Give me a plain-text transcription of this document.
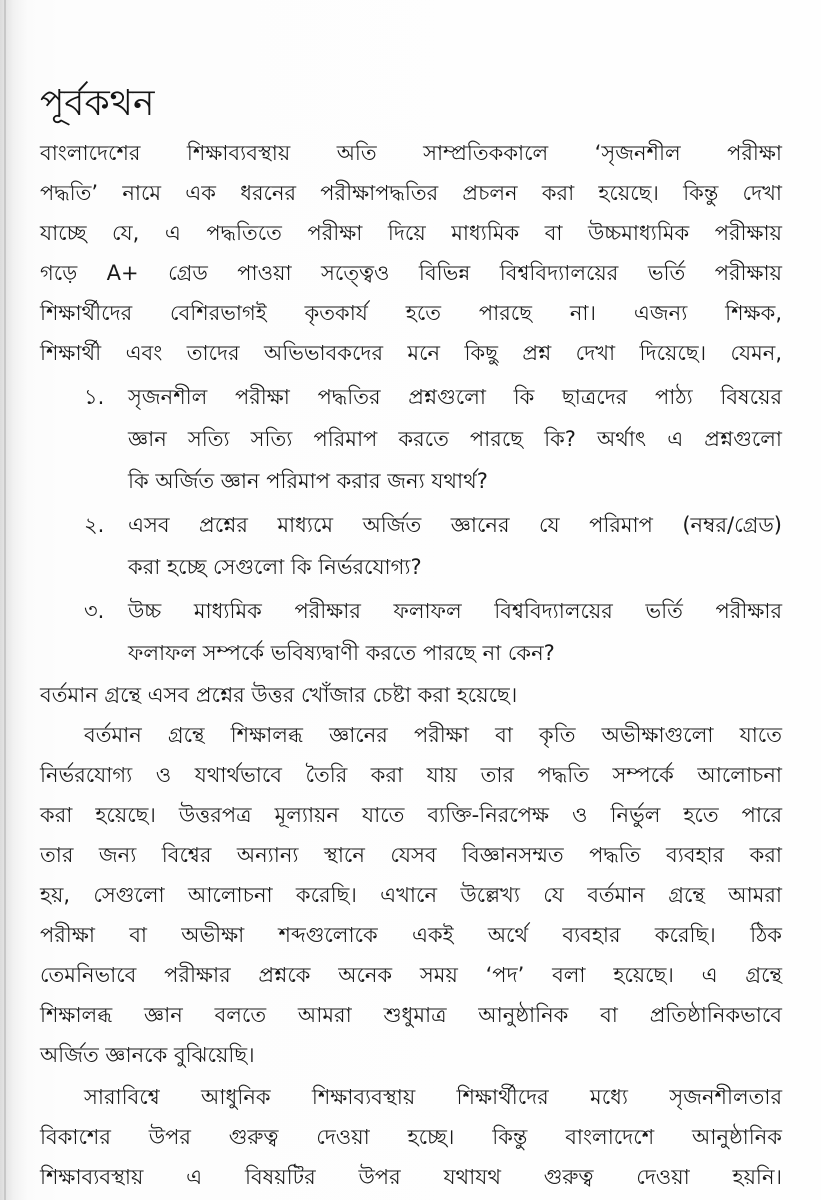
পূর্বকথন
বাংলাদেশের শিক্ষাব্যবস্থায় অতি সাম্প্রতিককালে ‘সৃজনশীল পরীক্ষা
পদ্ধতি’ নামে এক ধরনের পরীক্ষাপদ্ধতির প্রচলন করা হয়েছে। কিন্তু দেখা
যাচ্ছে যে, এ পদ্ধতিতে পরীক্ষা দিয়ে মাধ্যমিক বা উচ্চমাধ্যমিক পরীক্ষায়
গড়ে A+ গ্রেড পাওয়া সত্ত্বেও বিভিন্ন বিশ্ববিদ্যালয়ের ভর্তি পরীক্ষায়
শিক্ষার্থীদের বেশিরভাগই কৃতকার্য হতে পারছে না। এজন্য শিক্ষক,
শিক্ষার্থী এবং তাদের অভিভাবকদের মনে কিছু প্রশ্ন দেখা দিয়েছে। যেমন,
১.	সৃজনশীল পরীক্ষা পদ্ধতির প্রশ্নগুলো কি ছাত্রদের পাঠ্য বিষয়ের
জ্ঞান সত্যি সত্যি পরিমাপ করতে পারছে কি? অর্থাৎ এ প্রশ্নগুলো
কি অর্জিত জ্ঞান পরিমাপ করার জন্য যথার্থ?
২.	এসব প্রশ্নের মাধ্যমে অর্জিত জ্ঞানের যে পরিমাপ (নম্বর/গ্রেড)
করা হচ্ছে সেগুলো কি নির্ভরযোগ্য?
৩.	উচ্চ মাধ্যমিক পরীক্ষার ফলাফল বিশ্ববিদ্যালয়ের ভর্তি পরীক্ষার
ফলাফল সম্পর্কে ভবিষ্যদ্বাণী করতে পারছে না কেন?
বর্তমান গ্রন্থে এসব প্রশ্নের উত্তর খোঁজার চেষ্টা করা হয়েছে।
বর্তমান গ্রন্থে শিক্ষালব্ধ জ্ঞানের পরীক্ষা বা কৃতি অভীক্ষাগুলো যাতে
নির্ভরযোগ্য ও যথার্থভাবে তৈরি করা যায় তার পদ্ধতি সম্পর্কে আলোচনা
করা হয়েছে। উত্তরপত্র মূল্যায়ন যাতে ব্যক্তি-নিরপেক্ষ ও নির্ভুল হতে পারে
তার জন্য বিশ্বের অন্যান্য স্থানে যেসব বিজ্ঞানসম্মত পদ্ধতি ব্যবহার করা
হয়, সেগুলো আলোচনা করেছি। এখানে উল্লেখ্য যে বর্তমান গ্রন্থে আমরা
পরীক্ষা বা অভীক্ষা শব্দগুলোকে একই অর্থে ব্যবহার করেছি। ঠিক
তেমনিভাবে পরীক্ষার প্রশ্নকে অনেক সময় ‘পদ’ বলা হয়েছে। এ গ্রন্থে
শিক্ষালব্ধ জ্ঞান বলতে আমরা শুধুমাত্র আনুষ্ঠানিক বা প্রতিষ্ঠানিকভাবে
অর্জিত জ্ঞানকে বুঝিয়েছি।
সারাবিশ্বে আধুনিক শিক্ষাব্যবস্থায় শিক্ষার্থীদের মধ্যে সৃজনশীলতার
বিকাশের উপর গুরুত্ব দেওয়া হচ্ছে। কিন্তু বাংলাদেশে আনুষ্ঠানিক
শিক্ষাব্যবস্থায় এ বিষয়টির উপর যথাযথ গুরুত্ব দেওয়া হয়নি।
